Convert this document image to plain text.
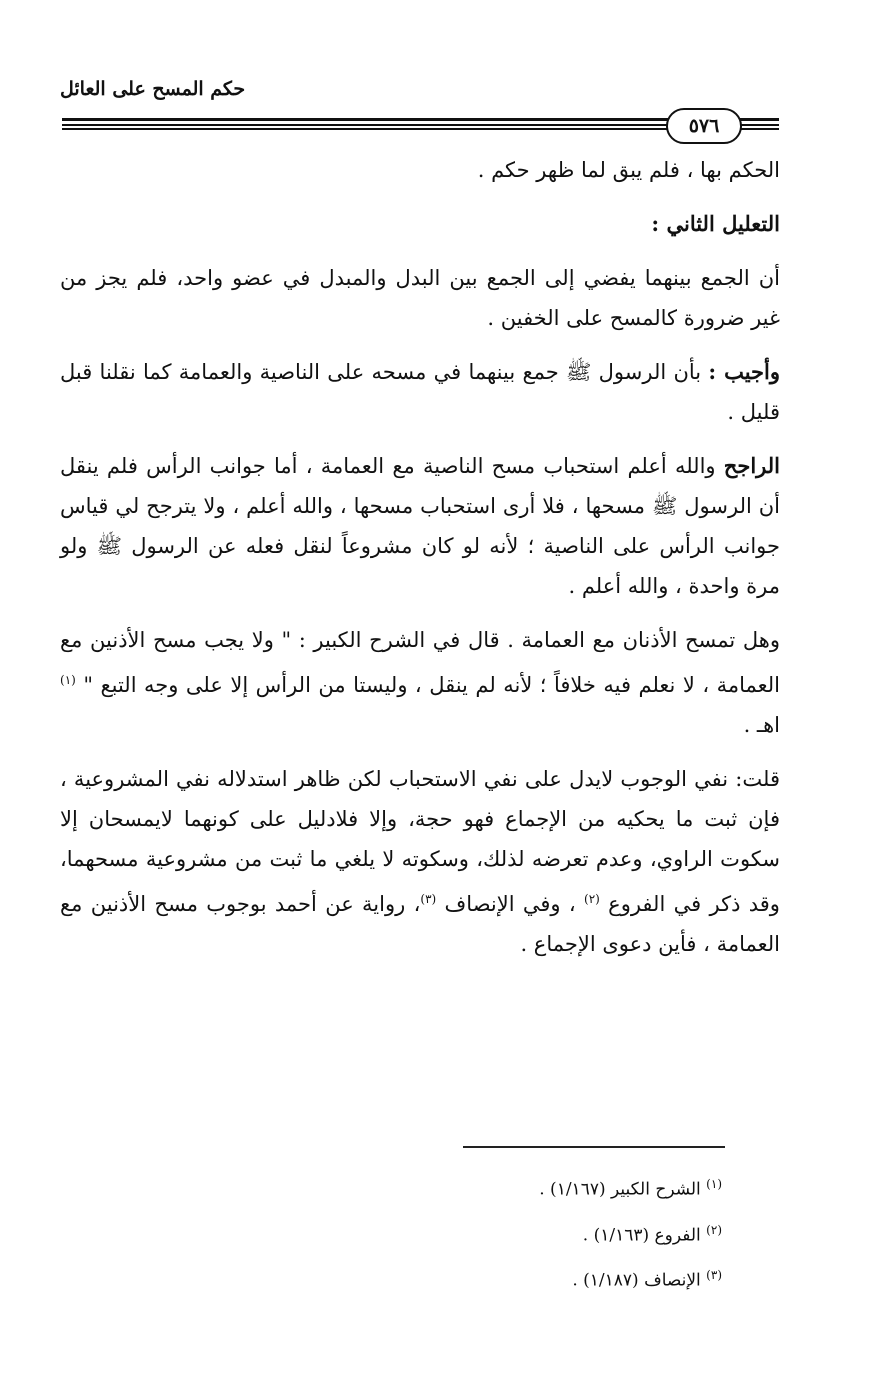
حكم المسح على العائل
٥٧٦

الحكم بها ، فلم يبق لما ظهر حكم .

التعليل الثاني :

أن الجمع بينهما يفضي إلى الجمع بين البدل والمبدل في عضو واحد، فلم يجز من غير ضرورة كالمسح على الخفين .

وأجيب : بأن الرسول ﷺ جمع بينهما في مسحه على الناصية والعمامة كما نقلنا قبل قليل .

الراجح والله أعلم استحباب مسح الناصية مع العمامة ، أما جوانب الرأس فلم ينقل أن الرسول ﷺ مسحها ، فلا أرى استحباب مسحها ، والله أعلم ، ولا يترجح لي قياس جوانب الرأس على الناصية ؛ لأنه لو كان مشروعاً لنقل فعله عن الرسول ﷺ ولو مرة واحدة ، والله أعلم .

وهل تمسح الأذنان مع العمامة . قال في الشرح الكبير : " ولا يجب مسح الأذنين مع العمامة ، لا نعلم فيه خلافاً ؛ لأنه لم ينقل ، وليستا من الرأس إلا على وجه التبع " $^{(١)}$ اهـ .

قلت: نفي الوجوب لايدل على نفي الاستحباب لكن ظاهر استدلاله نفي المشروعية ، فإن ثبت ما يحكيه من الإجماع فهو حجة، وإلا فلادليل على كونهما لايمسحان إلا سكوت الراوي، وعدم تعرضه لذلك، وسكوته لا يلغي ما ثبت من مشروعية مسحهما، وقد ذكر في الفروع $^{(٢)}$ ، وفي الإنصاف $^{(٣)}$، رواية عن أحمد بوجوب مسح الأذنين مع العمامة ، فأين دعوى الإجماع .

$^{(١)}$ الشرح الكبير (١/١٦٧) .
$^{(٢)}$ الفروع (١/١٦٣) .
$^{(٣)}$ الإنصاف (١/١٨٧) .
